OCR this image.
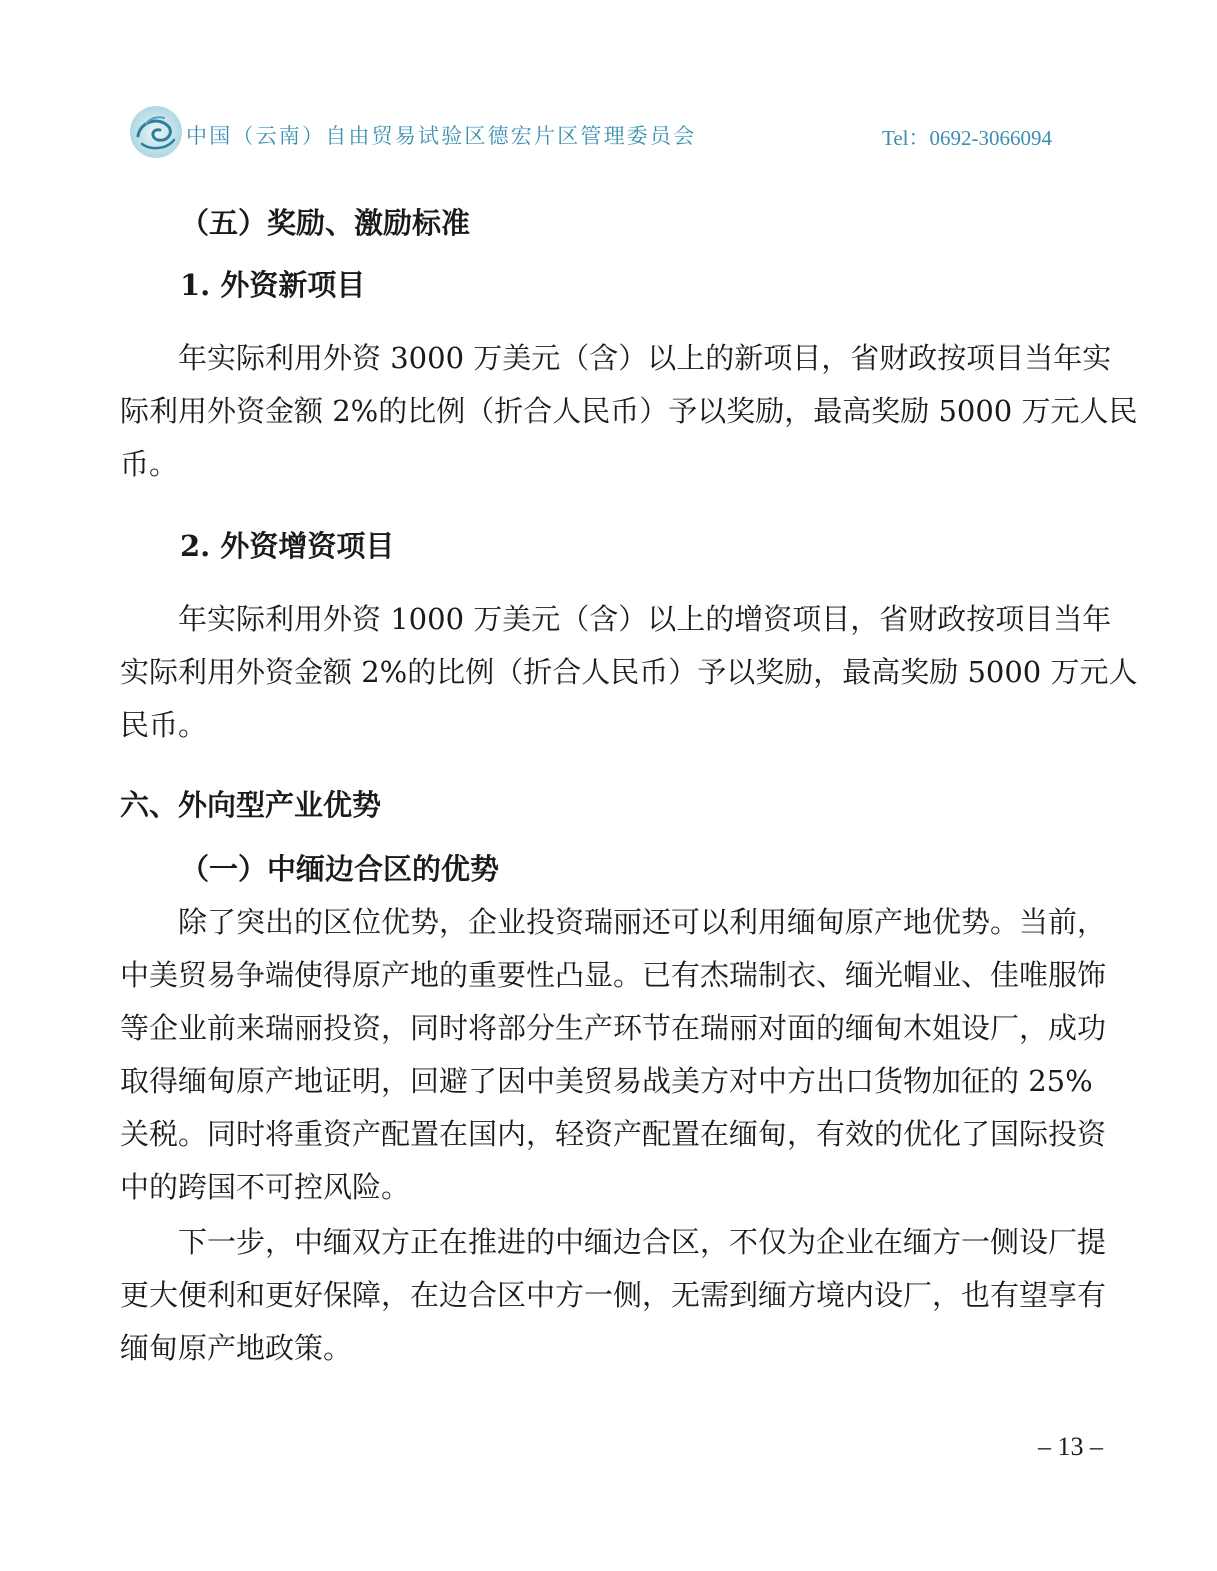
中国（云南）自由贸易试验区德宏片区管理委员会	Tel：0692-3066094

（五）奖励、激励标准

1. 外资新项目

年实际利用外资 3000 万美元（含）以上的新项目，省财政按项目当年实

际利用外资金额 2%的比例（折合人民币）予以奖励，最高奖励 5000 万元人民

币。

2. 外资增资项目

年实际利用外资 1000 万美元（含）以上的增资项目，省财政按项目当年

实际利用外资金额 2%的比例（折合人民币）予以奖励，最高奖励 5000 万元人

民币。

六、外向型产业优势

（一）中缅边合区的优势

除了突出的区位优势，企业投资瑞丽还可以利用缅甸原产地优势。当前，

中美贸易争端使得原产地的重要性凸显。已有杰瑞制衣、缅光帽业、佳唯服饰

等企业前来瑞丽投资，同时将部分生产环节在瑞丽对面的缅甸木姐设厂，成功

取得缅甸原产地证明，回避了因中美贸易战美方对中方出口货物加征的 25%

关税。同时将重资产配置在国内，轻资产配置在缅甸，有效的优化了国际投资

中的跨国不可控风险。

下一步，中缅双方正在推进的中缅边合区，不仅为企业在缅方一侧设厂提

更大便利和更好保障，在边合区中方一侧，无需到缅方境内设厂，也有望享有

缅甸原产地政策。

– 13 –
